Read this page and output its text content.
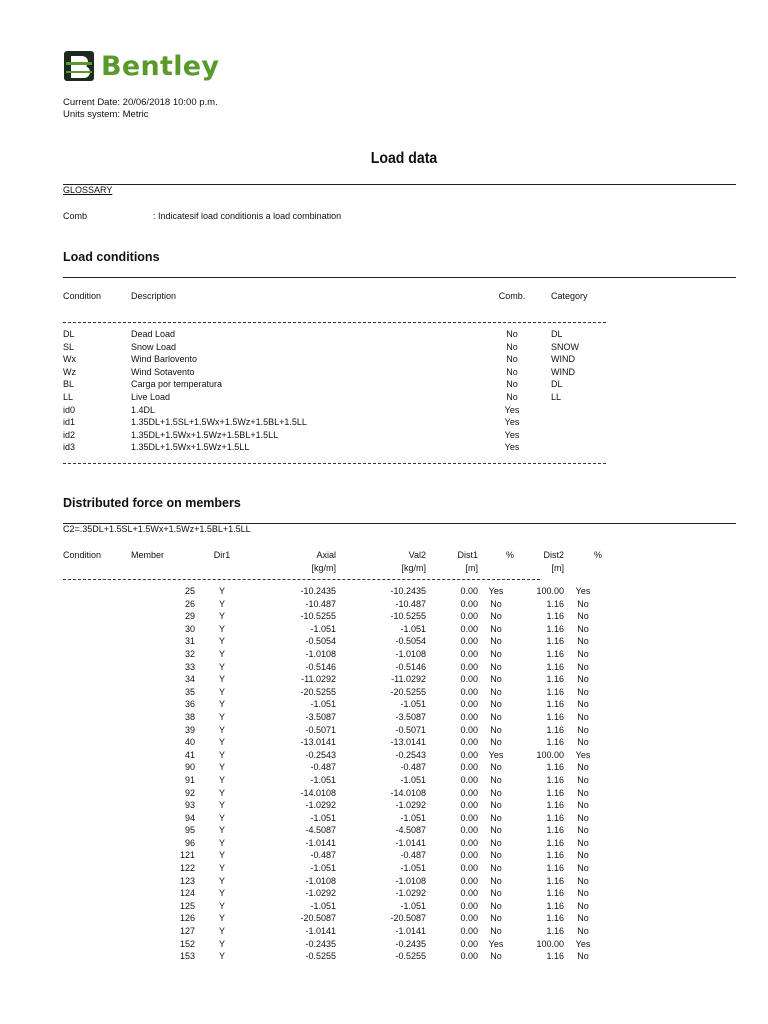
Bentley
Current Date: 20/06/2018 10:00 p.m.
Units system: Metric
Load data
GLOSSARY
Comb	: Indicatesif load conditionis a load combination
Load conditions
Condition	Description	Comb.	Category
DL	Dead Load	No	DL
SL	Snow Load	No	SNOW
Wx	Wind Barlovento	No	WIND
Wz	Wind Sotavento	No	WIND
BL	Carga por temperatura	No	DL
LL	Live Load	No	LL
id0	1.4DL	Yes	
id1	1.35DL+1.5SL+1.5Wx+1.5Wz+1.5BL+1.5LL	Yes	
id2	1.35DL+1.5Wx+1.5Wz+1.5BL+1.5LL	Yes	
id3	1.35DL+1.5Wx+1.5Wz+1.5LL	Yes	
Distributed force on members
C2=.35DL+1.5SL+1.5Wx+1.5Wz+1.5BL+1.5LL
Condition	Member	Dir1	Axial	Val2	Dist1	%	Dist2	%
			[kg/m]	[kg/m]	[m]		[m]	
	25	Y	-10.2435	-10.2435	0.00	Yes	100.00	Yes
	26	Y	-10.487	-10.487	0.00	No	1.16	No
	29	Y	-10.5255	-10.5255	0.00	No	1.16	No
	30	Y	-1.051	-1.051	0.00	No	1.16	No
	31	Y	-0.5054	-0.5054	0.00	No	1.16	No
	32	Y	-1.0108	-1.0108	0.00	No	1.16	No
	33	Y	-0.5146	-0.5146	0.00	No	1.16	No
	34	Y	-11.0292	-11.0292	0.00	No	1.16	No
	35	Y	-20.5255	-20.5255	0.00	No	1.16	No
	36	Y	-1.051	-1.051	0.00	No	1.16	No
	38	Y	-3.5087	-3.5087	0.00	No	1.16	No
	39	Y	-0.5071	-0.5071	0.00	No	1.16	No
	40	Y	-13.0141	-13.0141	0.00	No	1.16	No
	41	Y	-0.2543	-0.2543	0.00	Yes	100.00	Yes
	90	Y	-0.487	-0.487	0.00	No	1.16	No
	91	Y	-1.051	-1.051	0.00	No	1.16	No
	92	Y	-14.0108	-14.0108	0.00	No	1.16	No
	93	Y	-1.0292	-1.0292	0.00	No	1.16	No
	94	Y	-1.051	-1.051	0.00	No	1.16	No
	95	Y	-4.5087	-4.5087	0.00	No	1.16	No
	96	Y	-1.0141	-1.0141	0.00	No	1.16	No
	121	Y	-0.487	-0.487	0.00	No	1.16	No
	122	Y	-1.051	-1.051	0.00	No	1.16	No
	123	Y	-1.0108	-1.0108	0.00	No	1.16	No
	124	Y	-1.0292	-1.0292	0.00	No	1.16	No
	125	Y	-1.051	-1.051	0.00	No	1.16	No
	126	Y	-20.5087	-20.5087	0.00	No	1.16	No
	127	Y	-1.0141	-1.0141	0.00	No	1.16	No
	152	Y	-0.2435	-0.2435	0.00	Yes	100.00	Yes
	153	Y	-0.5255	-0.5255	0.00	No	1.16	No
